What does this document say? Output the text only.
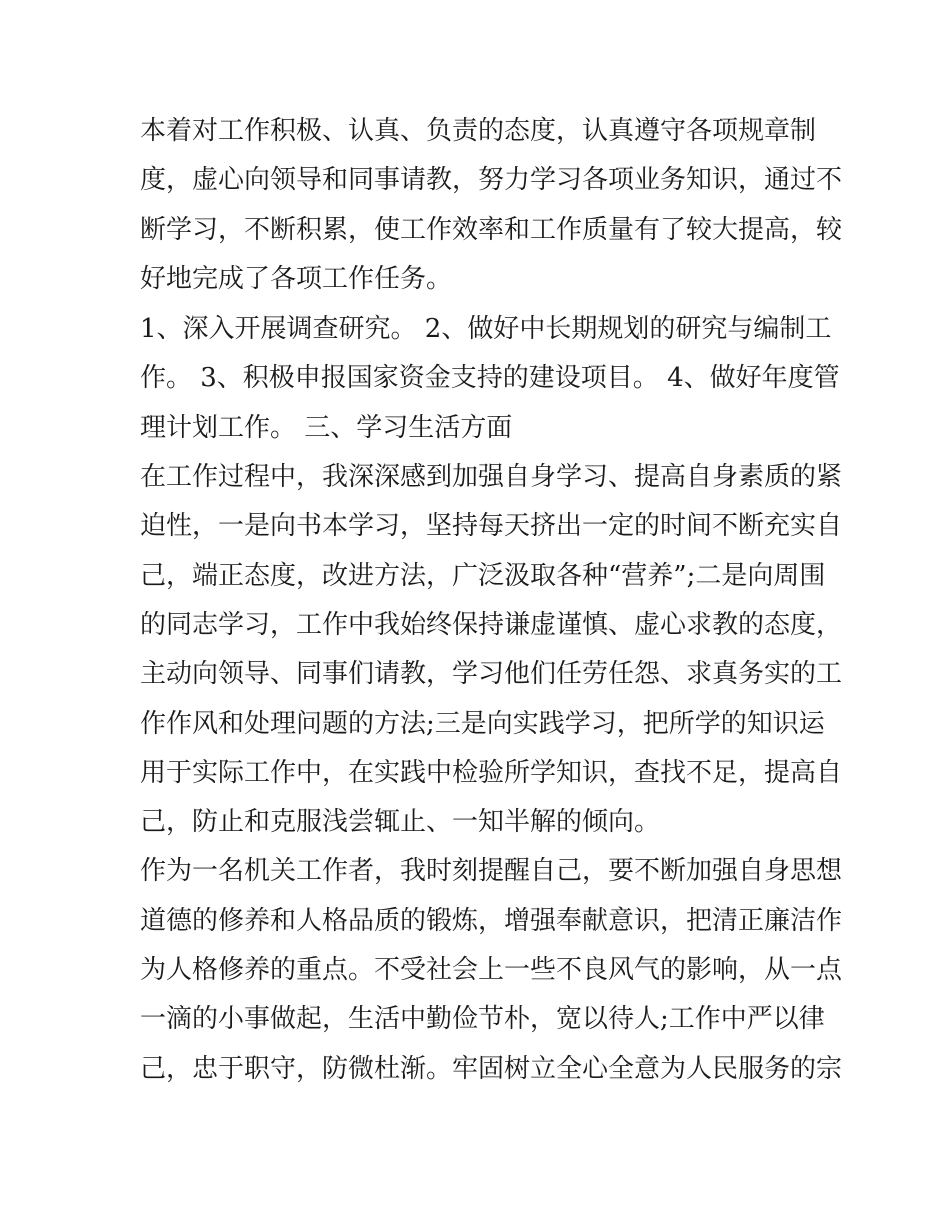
本着对工作积极、认真、负责的态度，认真遵守各项规章制
度，虚心向领导和同事请教，努力学习各项业务知识，通过不
断学习，不断积累，使工作效率和工作质量有了较大提高，较
好地完成了各项工作任务。
1、深入开展调查研究。 2、做好中长期规划的研究与编制工
作。 3、积极申报国家资金支持的建设项目。 4、做好年度管
理计划工作。 三、学习生活方面
在工作过程中，我深深感到加强自身学习、提高自身素质的紧
迫性，一是向书本学习，坚持每天挤出一定的时间不断充实自
己，端正态度，改进方法，广泛汲取各种“营养”;二是向周围
的同志学习，工作中我始终保持谦虚谨慎、虚心求教的态度，
主动向领导、同事们请教，学习他们任劳任怨、求真务实的工
作作风和处理问题的方法;三是向实践学习，把所学的知识运
用于实际工作中，在实践中检验所学知识，查找不足，提高自
己，防止和克服浅尝辄止、一知半解的倾向。
作为一名机关工作者，我时刻提醒自己，要不断加强自身思想
道德的修养和人格品质的锻炼，增强奉献意识，把清正廉洁作
为人格修养的重点。不受社会上一些不良风气的影响，从一点
一滴的小事做起，生活中勤俭节朴，宽以待人;工作中严以律
己，忠于职守，防微杜渐。牢固树立全心全意为人民服务的宗
